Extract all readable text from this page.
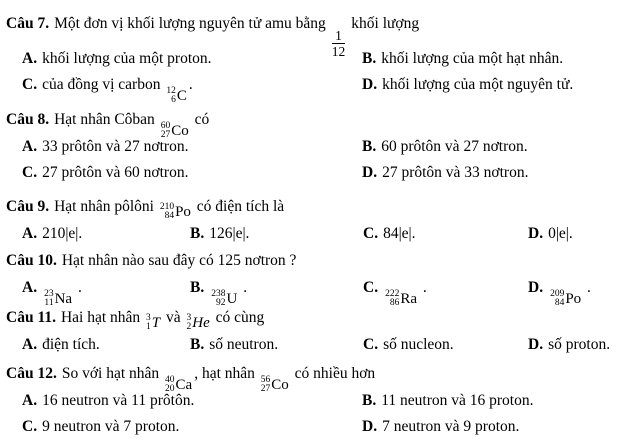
Câu 7. Một đơn vị khối lượng nguyên tử amu bằng
$\frac{1}{12}$
khối lượng
A. khối lượng của một proton.	B. khối lượng của một hạt nhân.
C. của đồng vị carbon 12
6 C
.	D. khối lượng của một nguyên tử.
Câu 8. Hạt nhân Côban 60
27 Co
có
A. 33 prôtôn và 27 nơtron.	B. 60 prôtôn và 27 nơtron.
C. 27 prôtôn và 60 nơtron.	D. 27 prôtôn và 33 nơtron.
Câu 9. Hạt nhân pôlôni 210
84 Po có điện tích là
A. 210|e|.	B. 126|e|.	C. 84|e|.	D. 0|e|.
Câu 10. Hạt nhân nào sau đây có 125 nơtron ?
A. 23
11 Na
.	B. 238
92 U
.	C. 222
86 Ra
.	D. 209
84 Po
.
Câu 11. Hai hạt nhân 3
1 T và 3
2 He có cùng
A. điện tích.	B. số neutron.	C. số nucleon.	D. số proton.
Câu 12. So với hạt nhân 40
20 Ca
, hạt nhân 56
27 Co
có nhiều hơn
A. 16 neutron và 11 prôtôn.	B. 11 neutron và 16 proton.
C. 9 neutron và 7 proton.	D. 7 neutron và 9 proton.
